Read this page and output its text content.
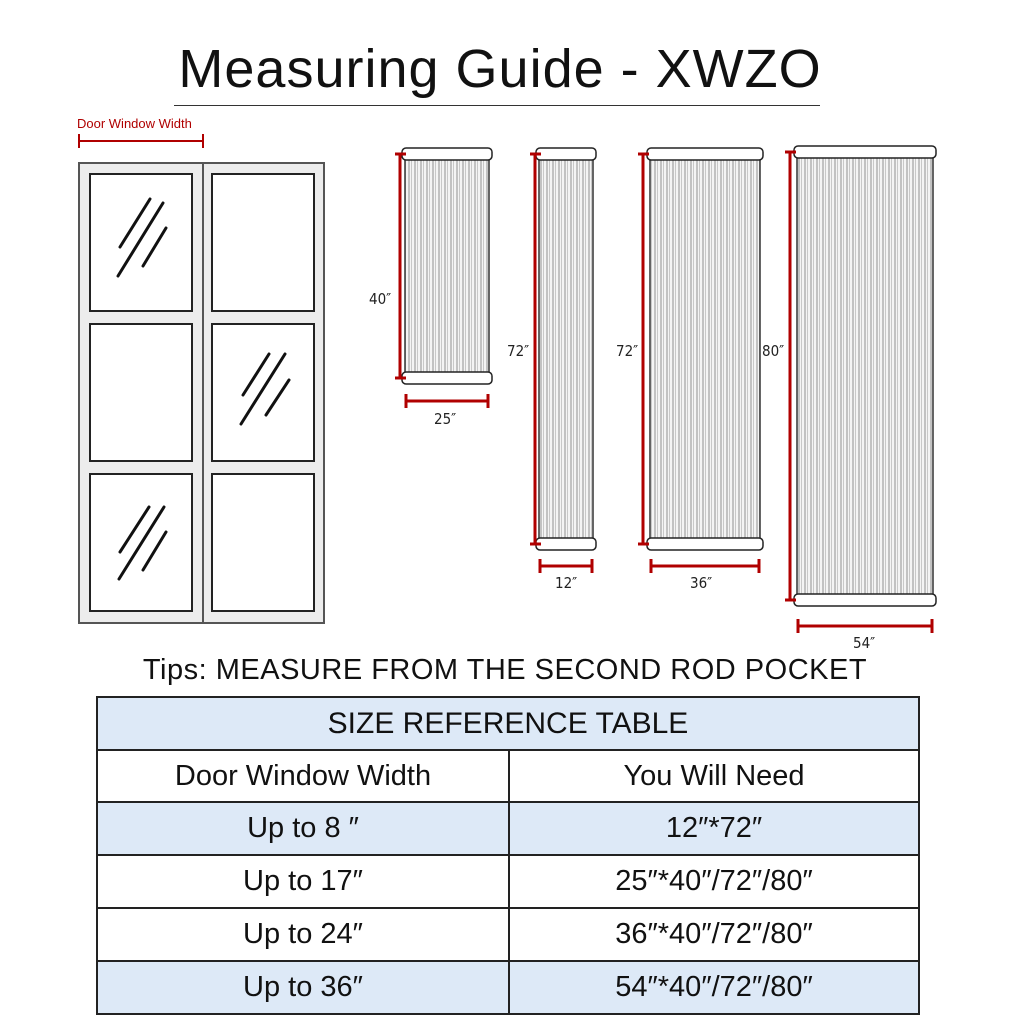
Measuring Guide - XWZO
Door Window Width
40″
25″
72″
12″
72″
36″
80″
54″
Tips: MEASURE FROM THE SECOND ROD POCKET
SIZE REFERENCE TABLE	
Door Window Width	You Will Need
Up to 8 ″	12″*72″
Up to 17″	25″*40″/72″/80″
Up to 24″	36″*40″/72″/80″
Up to 36″	54″*40″/72″/80″
